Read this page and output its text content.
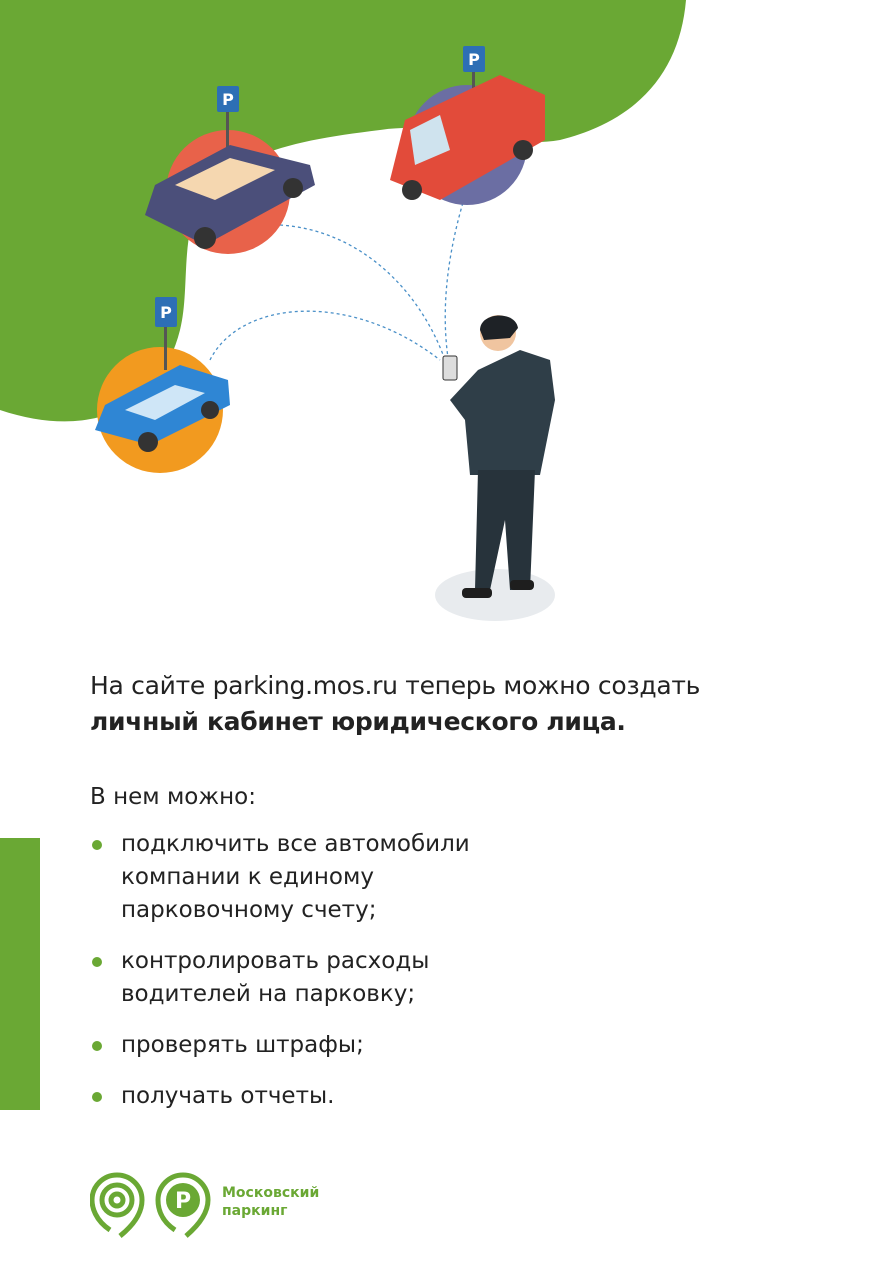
P
P
P
На сайте parking.mos.ru теперь можно создать
личный кабинет юридического лица.
В нем можно:
подключить все автомобили компании к единому парковочному счету;
контролировать расходы водителей на парковку;
проверять штрафы;
получать отчеты.
P Московский
паркинг
